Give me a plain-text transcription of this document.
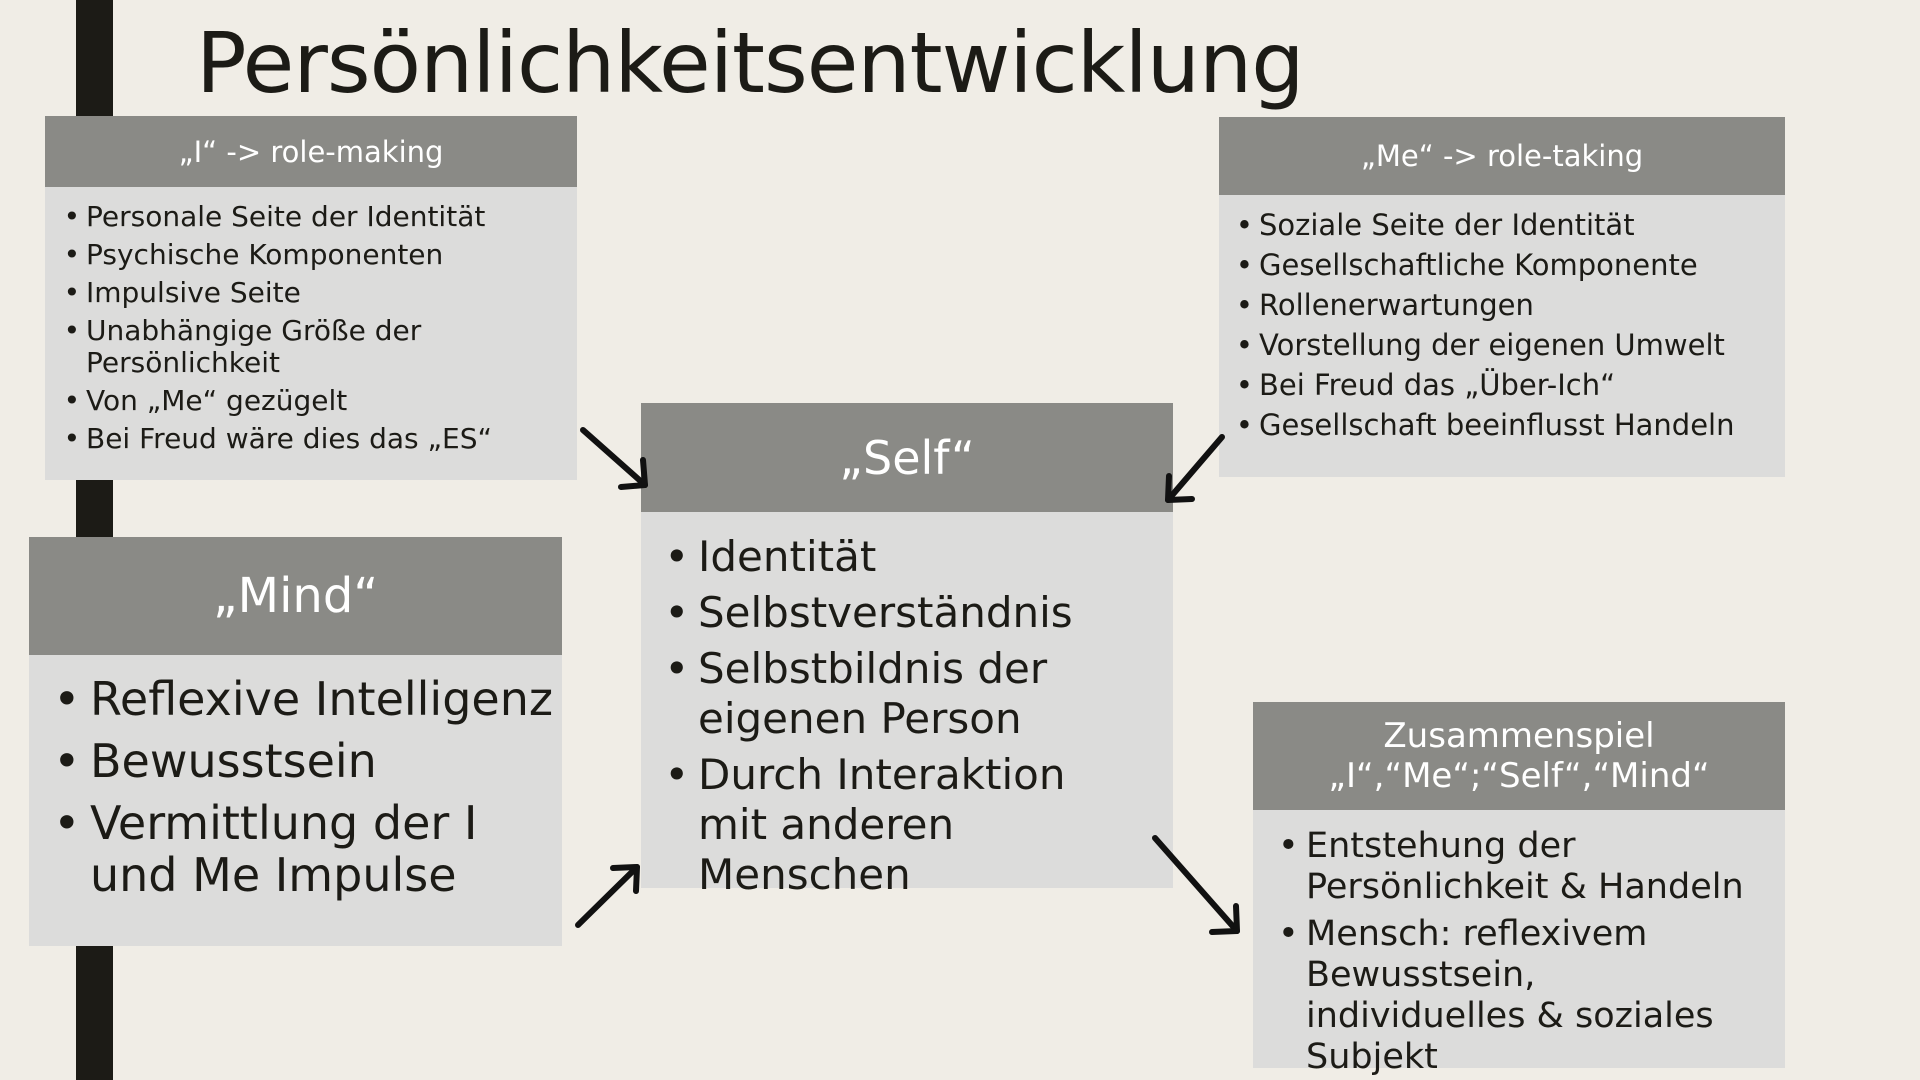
Persönlichkeitsentwicklung
„I“ -> role-making
• Personale Seite der Identität
• Psychische Komponenten
• Impulsive Seite
• Unabhängige Größe der Persönlichkeit
• Von „Me“ gezügelt
• Bei Freud wäre dies das „ES“
„Me“ -> role-taking
• Soziale Seite der Identität
• Gesellschaftliche Komponente
• Rollenerwartungen
• Vorstellung der eigenen Umwelt
• Bei Freud das „Über-Ich“
• Gesellschaft beeinflusst Handeln
„Self“
• Identität
• Selbstverständnis
• Selbstbildnis der eigenen Person
• Durch Interaktion mit anderen Menschen
„Mind“
• Reflexive Intelligenz
• Bewusstsein
• Vermittlung der I und Me Impulse
Zusammenspiel
„I“,“Me“;“Self“,“Mind“
• Entstehung der Persönlichkeit & Handeln
• Mensch: reflexivem Bewusstsein, individuelles & soziales Subjekt
